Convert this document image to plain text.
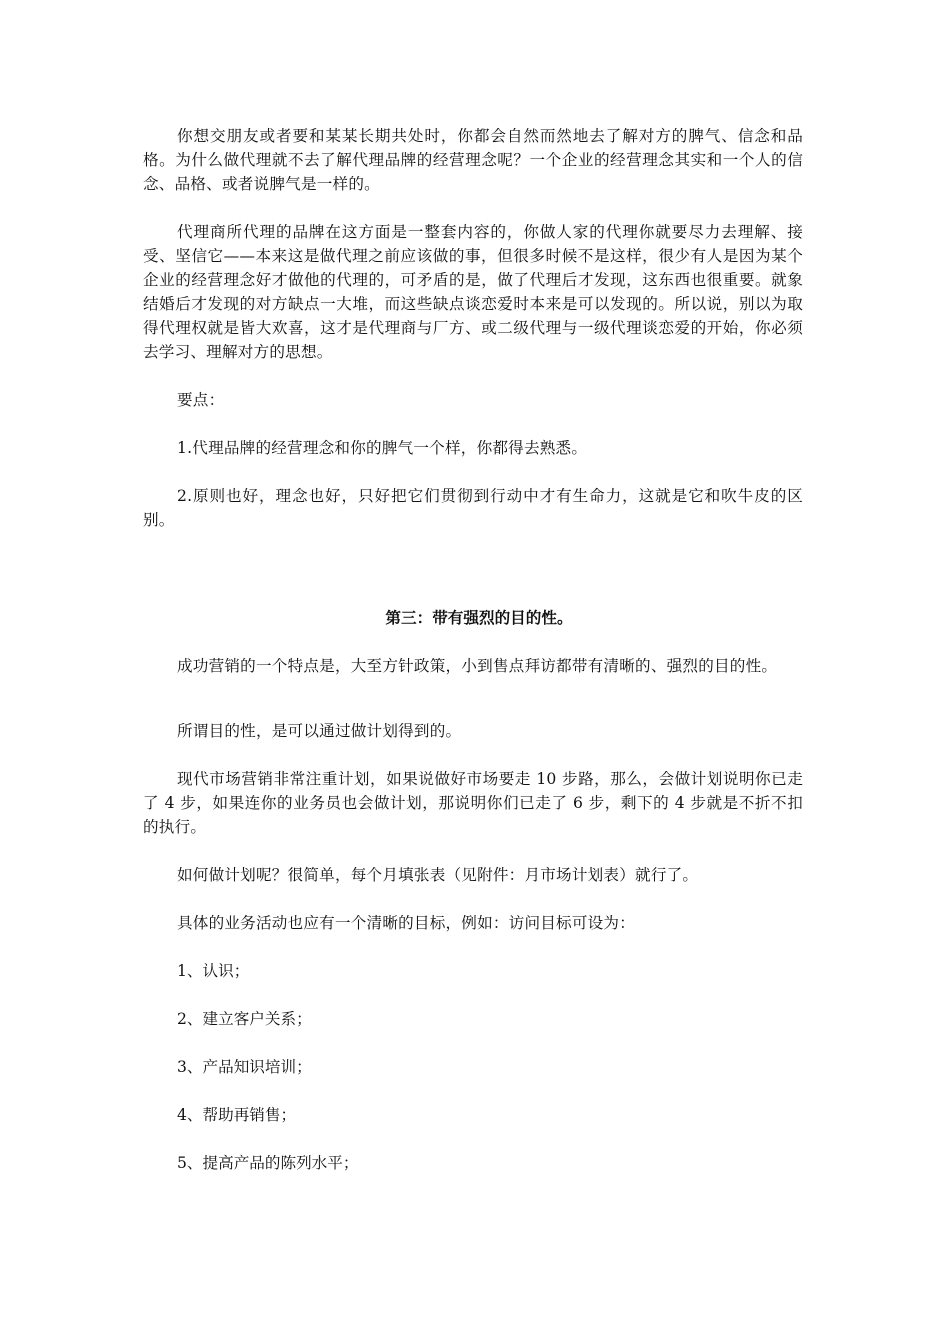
你想交朋友或者要和某某长期共处时，你都会自然而然地去了解对方的脾气、信念和品格。为什么做代理就不去了解代理品牌的经营理念呢？一个企业的经营理念其实和一个人的信念、品格、或者说脾气是一样的。

代理商所代理的品牌在这方面是一整套内容的，你做人家的代理你就要尽力去理解、接受、坚信它——本来这是做代理之前应该做的事，但很多时候不是这样，很少有人是因为某个企业的经营理念好才做他的代理的，可矛盾的是，做了代理后才发现，这东西也很重要。就象结婚后才发现的对方缺点一大堆，而这些缺点谈恋爱时本来是可以发现的。所以说，别以为取得代理权就是皆大欢喜，这才是代理商与厂方、或二级代理与一级代理谈恋爱的开始，你必须去学习、理解对方的思想。

要点：

1.代理品牌的经营理念和你的脾气一个样，你都得去熟悉。

2.原则也好，理念也好，只好把它们贯彻到行动中才有生命力，这就是它和吹牛皮的区别。

第三：带有强烈的目的性。

成功营销的一个特点是，大至方针政策，小到售点拜访都带有清晰的、强烈的目的性。

所谓目的性，是可以通过做计划得到的。

现代市场营销非常注重计划，如果说做好市场要走 10 步路，那么，会做计划说明你已走了 4 步，如果连你的业务员也会做计划，那说明你们已走了 6 步，剩下的 4 步就是不折不扣的执行。

如何做计划呢？很简单，每个月填张表（见附件：月市场计划表）就行了。

具体的业务活动也应有一个清晰的目标，例如：访问目标可设为：

1、认识；

2、建立客户关系；

3、产品知识培训；

4、帮助再销售；

5、提高产品的陈列水平；
